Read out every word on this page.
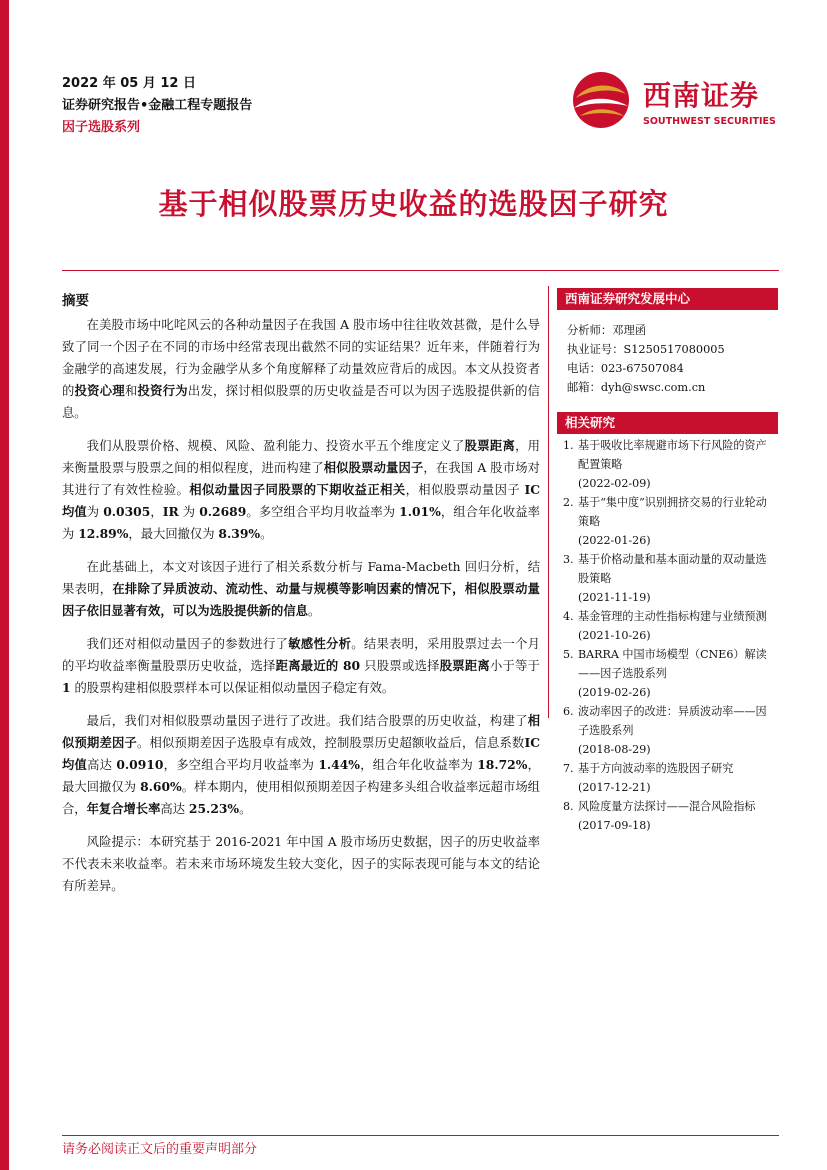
2022 年 05 月 12 日
证券研究报告•金融工程专题报告
因子选股系列
西南证券
SOUTHWEST SECURITIES
基于相似股票历史收益的选股因子研究
摘要

在美股市场中叱咤风云的各种动量因子在我国 A 股市场中往往收效甚微，是什么导致了同一个因子在不同的市场中经常表现出截然不同的实证结果？近年来，伴随着行为金融学的高速发展，行为金融学从多个角度解释了动量效应背后的成因。本文从投资者的投资心理和投资行为出发，探讨相似股票的历史收益是否可以为因子选股提供新的信息。

我们从股票价格、规模、风险、盈利能力、投资水平五个维度定义了股票距离，用来衡量股票与股票之间的相似程度，进而构建了相似股票动量因子，在我国 A 股市场对其进行了有效性检验。相似动量因子同股票的下期收益正相关，相似股票动量因子 IC 均值为 0.0305，IR 为 0.2689。多空组合平均月收益率为 1.01%，组合年化收益率为 12.89%，最大回撤仅为 8.39%。

在此基础上，本文对该因子进行了相关系数分析与 Fama-Macbeth 回归分析，结果表明，在排除了异质波动、流动性、动量与规模等影响因素的情况下，相似股票动量因子依旧显著有效，可以为选股提供新的信息。

我们还对相似动量因子的参数进行了敏感性分析。结果表明，采用股票过去一个月的平均收益率衡量股票历史收益，选择距离最近的 80 只股票或选择股票距离小于等于 1 的股票构建相似股票样本可以保证相似动量因子稳定有效。

最后，我们对相似股票动量因子进行了改进。我们结合股票的历史收益，构建了相似预期差因子。相似预期差因子选股卓有成效，控制股票历史超额收益后，信息系数IC 均值高达 0.0910，多空组合平均月收益率为 1.44%，组合年化收益率为 18.72%，最大回撤仅为 8.60%。样本期内，使用相似预期差因子构建多头组合收益率远超市场组合，年复合增长率高达 25.23%。

风险提示：本研究基于 2016-2021 年中国 A 股市场历史数据，因子的历史收益率不代表未来收益率。若未来市场环境发生较大变化，因子的实际表现可能与本文的结论有所差异。

西南证券研究发展中心
分析师：邓理函
执业证号：S1250517080005
电话：023-67507084
邮箱：dyh@swsc.com.cn
相关研究
1. 基于吸收比率规避市场下行风险的资产配置策略
(2022-02-09)
2. 基于“集中度”识别拥挤交易的行业轮动策略
(2022-01-26)
3. 基于价格动量和基本面动量的双动量选股策略
(2021-11-19)
4. 基金管理的主动性指标构建与业绩预测
(2021-10-26)
5. BARRA 中国市场模型（CNE6）解读——因子选股系列
(2019-02-26)
6. 波动率因子的改进：异质波动率——因子选股系列
(2018-08-29)
7. 基于方向波动率的选股因子研究
(2017-12-21)
8. 风险度量方法探讨——混合风险指标
(2017-09-18)
请务必阅读正文后的重要声明部分
